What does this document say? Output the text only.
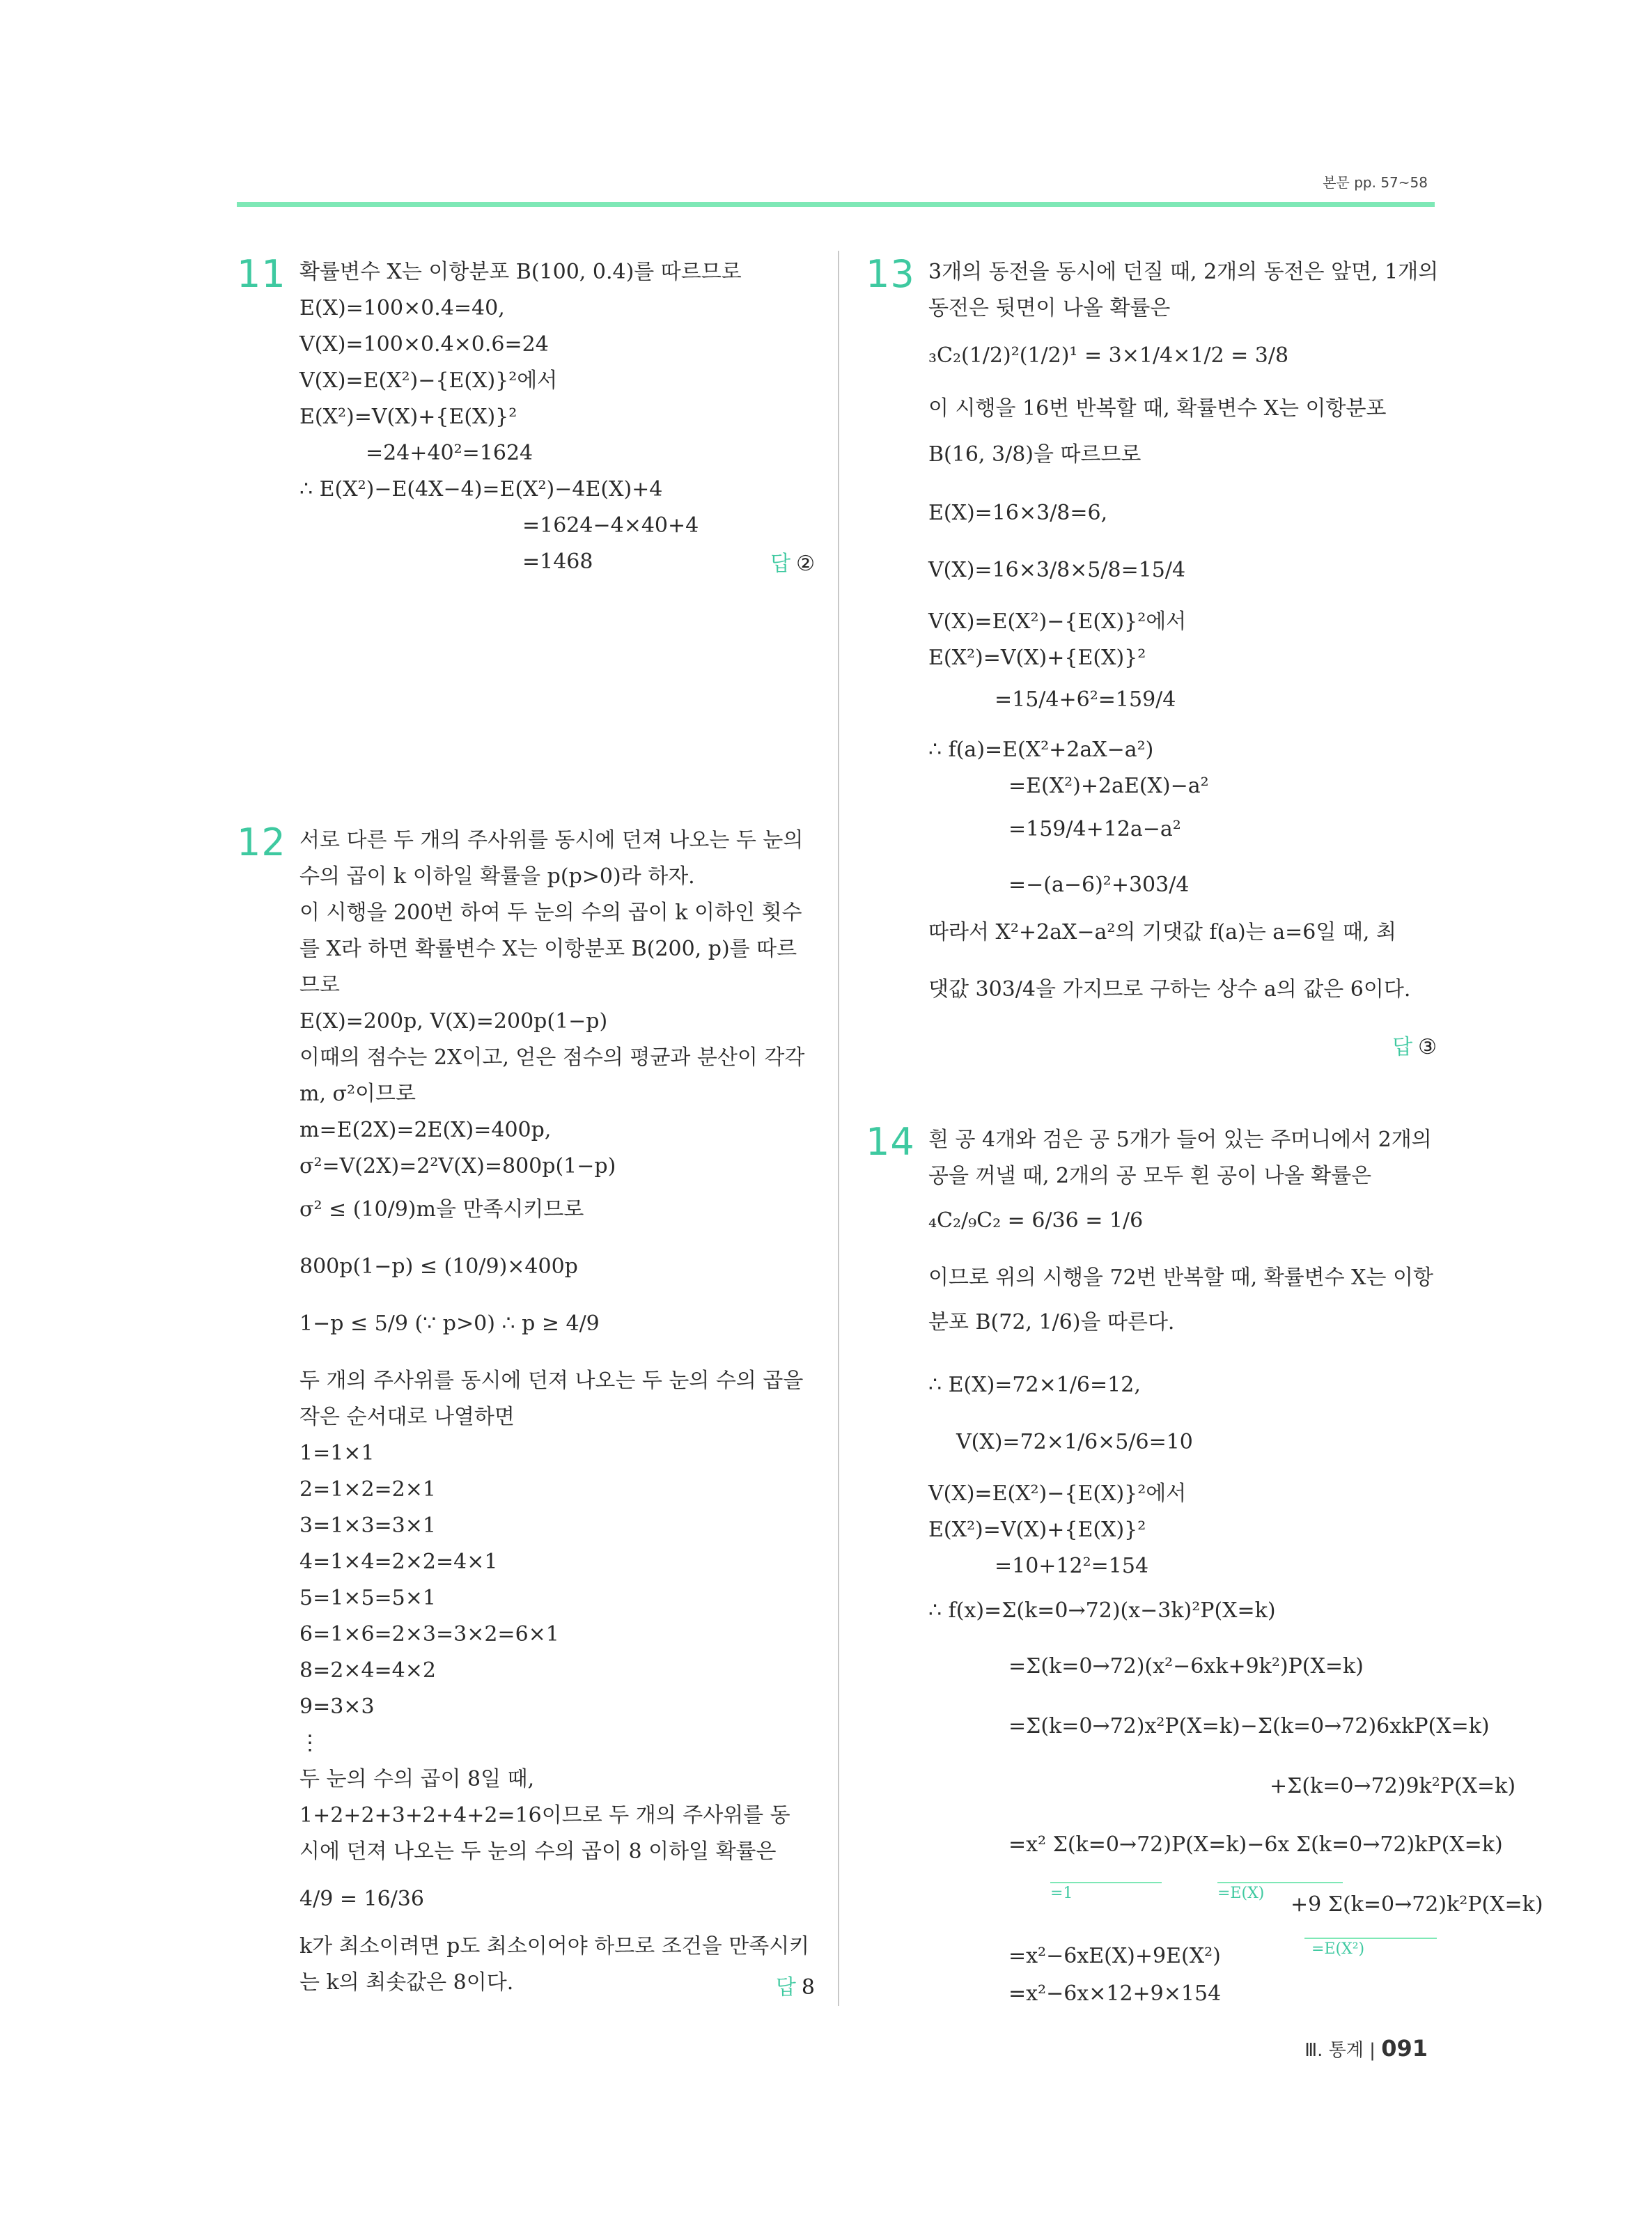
본문 pp. 57~58
11 확률변수 X는 이항분포 B(100, 0.4)를 따르므로
E(X)=100×0.4=40,
V(X)=100×0.4×0.6=24
V(X)=E(X²)−{E(X)}²에서
E(X²)=V(X)+{E(X)}²
=24+40²=1624
∴ E(X²)−E(4X−4)=E(X²)−4E(X)+4
=1624−4×40+4
=1468	답 ②
12 서로 다른 두 개의 주사위를 동시에 던져 나오는 두 눈의
수의 곱이 k 이하일 확률을 p(p>0)라 하자.
이 시행을 200번 하여 두 눈의 수의 곱이 k 이하인 횟수
를 X라 하면 확률변수 X는 이항분포 B(200, p)를 따르
므로
E(X)=200p, V(X)=200p(1−p)
이때의 점수는 2X이고, 얻은 점수의 평균과 분산이 각각
m, σ²이므로
m=E(2X)=2E(X)=400p,
σ²=V(2X)=2²V(X)=800p(1−p)
σ² ≤ (10/9)m을 만족시키므로
800p(1−p) ≤ (10/9)×400p
1−p ≤ 5/9 (∵ p>0) ∴ p ≥ 4/9
두 개의 주사위를 동시에 던져 나오는 두 눈의 수의 곱을
작은 순서대로 나열하면
1=1×1
2=1×2=2×1
3=1×3=3×1
4=1×4=2×2=4×1
5=1×5=5×1
6=1×6=2×3=3×2=6×1
8=2×4=4×2
9=3×3
⋮
두 눈의 수의 곱이 8일 때,
1+2+2+3+2+4+2=16이므로 두 개의 주사위를 동
시에 던져 나오는 두 눈의 수의 곱이 8 이하일 확률은
4/9 = 16/36
k가 최소이려면 p도 최소이어야 하므로 조건을 만족시키
는 k의 최솟값은 8이다.	답 8
13 3개의 동전을 동시에 던질 때, 2개의 동전은 앞면, 1개의
동전은 뒷면이 나올 확률은
₃C₂(1/2)²(1/2)¹ = 3×1/4×1/2 = 3/8
이 시행을 16번 반복할 때, 확률변수 X는 이항분포
B(16, 3/8)을 따르므로
E(X)=16×3/8=6,
V(X)=16×3/8×5/8=15/4
V(X)=E(X²)−{E(X)}²에서
E(X²)=V(X)+{E(X)}²
=15/4+6²=159/4
∴ f(a)=E(X²+2aX−a²)
=E(X²)+2aE(X)−a²
=159/4+12a−a²
=−(a−6)²+303/4
따라서 X²+2aX−a²의 기댓값 f(a)는 a=6일 때, 최
댓값 303/4을 가지므로 구하는 상수 a의 값은 6이다.
답 ③
14 흰 공 4개와 검은 공 5개가 들어 있는 주머니에서 2개의
공을 꺼낼 때, 2개의 공 모두 흰 공이 나올 확률은
₄C₂/₉C₂ = 6/36 = 1/6
이므로 위의 시행을 72번 반복할 때, 확률변수 X는 이항
분포 B(72, 1/6)을 따른다.
∴ E(X)=72×1/6=12,
V(X)=72×1/6×5/6=10
V(X)=E(X²)−{E(X)}²에서
E(X²)=V(X)+{E(X)}²
=10+12²=154
∴ f(x)=Σ(k=0→72)(x−3k)²P(X=k)
=Σ(k=0→72)(x²−6xk+9k²)P(X=k)
=Σ(k=0→72)x²P(X=k)−Σ(k=0→72)6xkP(X=k)
+Σ(k=0→72)9k²P(X=k)
=x² Σ(k=0→72)P(X=k)−6x Σ(k=0→72)kP(X=k)
+9 Σ(k=0→72)k²P(X=k)
=x²−6xE(X)+9E(X²)
=x²−6x×12+9×154
=1	=E(X)
=E(X²)
Ⅲ. 통계 | 091
